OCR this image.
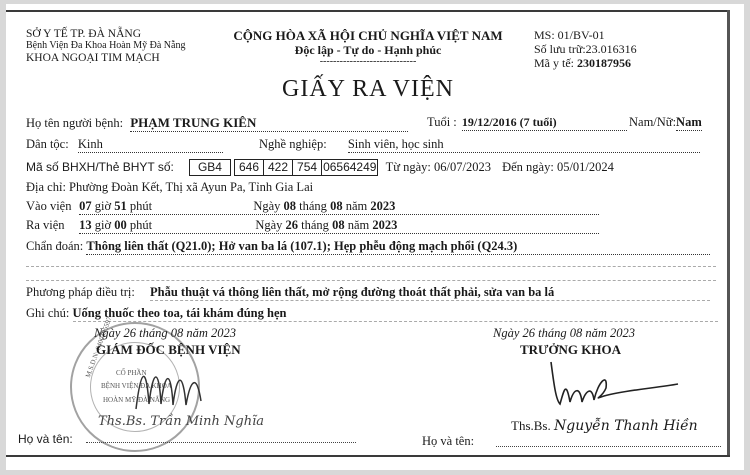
SỞ Y TẾ TP. ĐÀ NẴNG
Bệnh Viện Đa Khoa Hoàn Mỹ Đà Nẵng
KHOA NGOẠI TIM MẠCH
CỘNG HÒA XÃ HỘI CHỦ NGHĨA VIỆT NAM
Độc lập - Tự do - Hạnh phúc
-----------------------------
MS: 01/BV-01
Số lưu trữ:23.016316
Mã y tế: 230187956
GIẤY RA VIỆN
Họ tên người bệnh: PHẠM TRUNG KIÊN	Tuổi : 19/12/2016 (7 tuổi)	Nam/Nữ:Nam
Dân tộc: Kinh	Nghề nghiệp: Sinh viên, học sinh
Mã số BHXH/Thẻ BHYT số: GB4 646 422 754 06564249 Từ ngày: 06/07/2023 Đến ngày: 05/01/2024
Địa chỉ: Phường Đoàn Kết, Thị xã Ayun Pa, Tỉnh Gia Lai
Vào viện 07 giờ 51 phút	Ngày 08 tháng 08 năm 2023
Ra viện 13 giờ 00 phút	Ngày 26 tháng 08 năm 2023
Chẩn đoán: Thông liên thất (Q21.0); Hở van ba lá (107.1); Hẹp phễu động mạch phổi (Q24.3)
Phương pháp điều trị: Phẫu thuật vá thông liên thất, mở rộng đường thoát thất phải, sửa van ba lá
Ghi chú: Uống thuốc theo toa, tái khám đúng hẹn
CỔ PHẦN
BỆNH VIỆN ĐA KHOA
HOÀN MỸ ĐÀ NẴNG
M.S.D.N: 0400495597
Ngày 26 tháng 08 năm 2023
GIÁM ĐỐC BỆNH VIỆN
Ths.Bs. Trần Minh Nghĩa
Họ và tên:
Ngày 26 tháng 08 năm 2023
TRƯỞNG KHOA
Ths.Bs. Nguyễn Thanh Hiền
Họ và tên:
